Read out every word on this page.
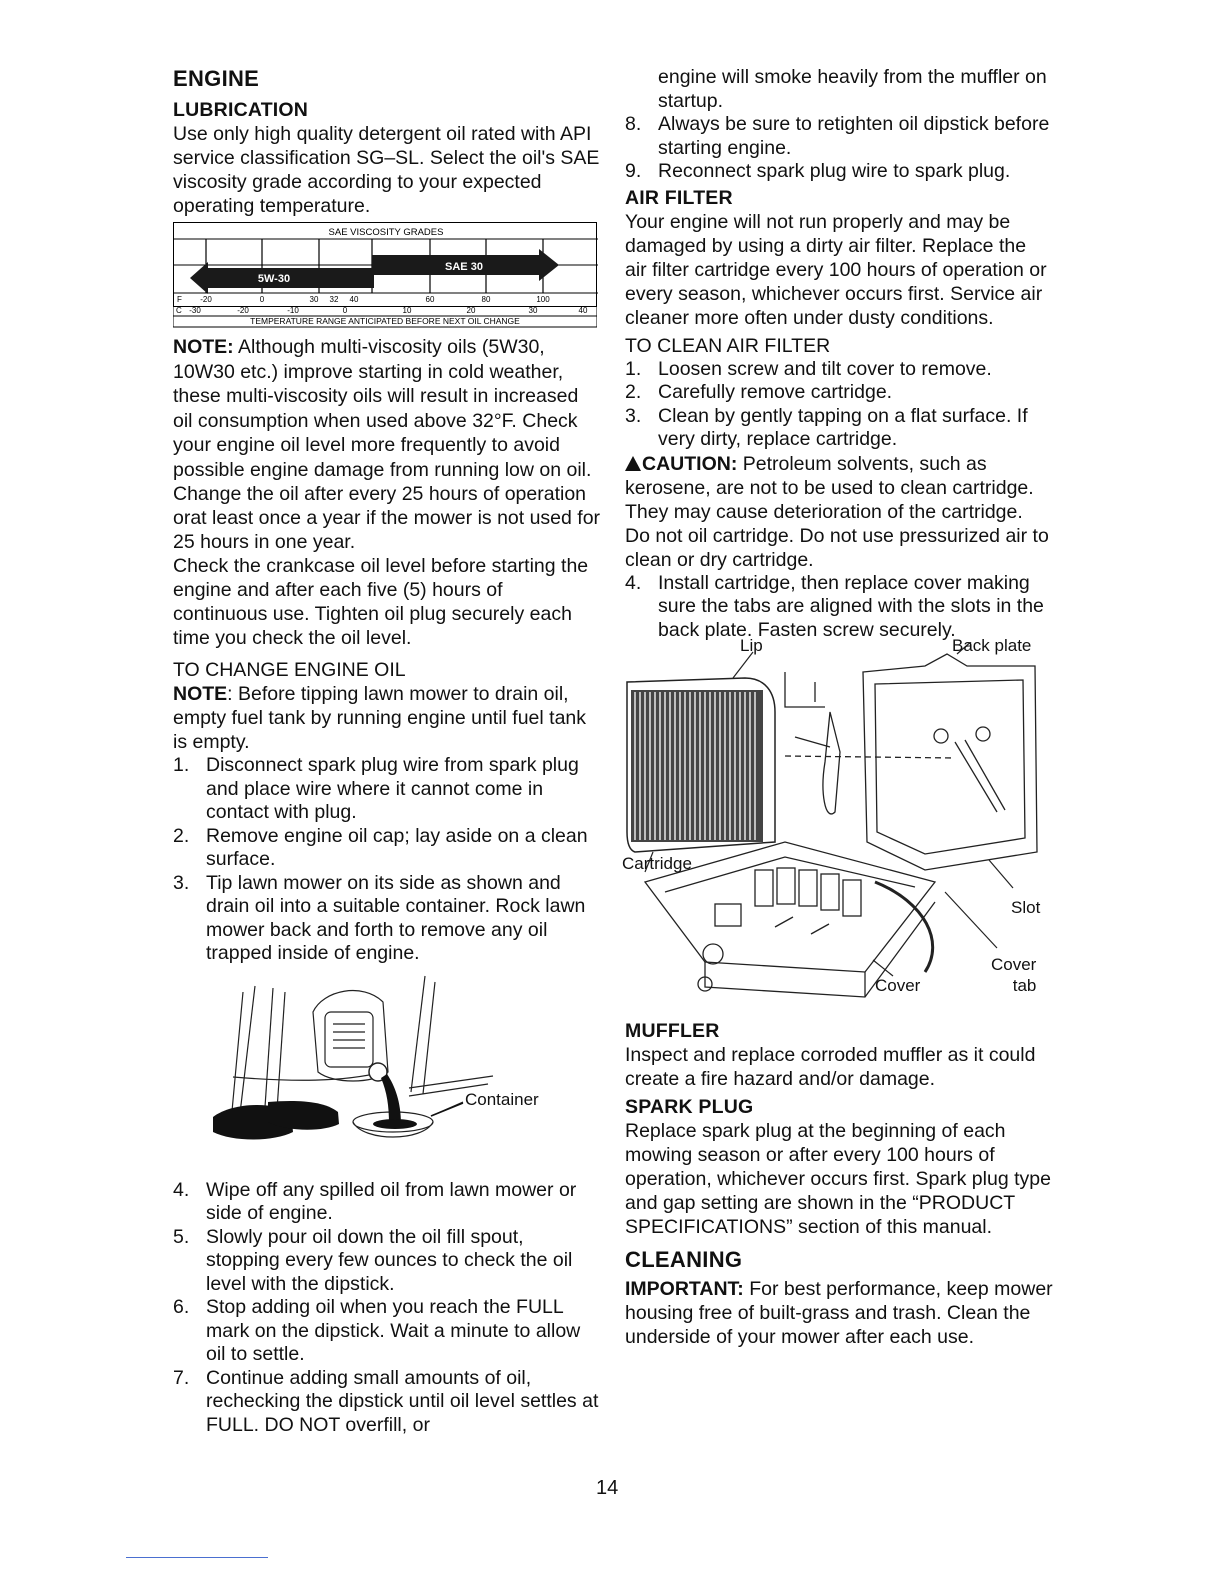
ENGINE
LUBRICATION
Use only high quality detergent oil rated with API service classification SG–SL. Select the oil's SAE viscosity grade according to your expected operating temperature.
SAE VISCOSITY GRADES
SAE 30
5W-30
F -20	0	30 32 40	60	80	100
C -30	-20	-10	0	10	20	30	40
TEMPERATURE RANGE ANTICIPATED BEFORE NEXT OIL CHANGE
NOTE: Although multi-viscosity oils (5W30, 10W30 etc.) improve starting in cold weather, these multi-viscosity oils will result in increased oil consumption when used above 32°F. Check your engine oil level more frequently to avoid possible engine damage from running low on oil.
Change the oil after every 25 hours of operation orat least once a year if the mower is not used for 25 hours in one year.
Check the crankcase oil level before starting the engine and after each five (5) hours of continuous use. Tighten oil plug securely each time you check the oil level.
TO CHANGE ENGINE OIL
NOTE: Before tipping lawn mower to drain oil, empty fuel tank by running engine until fuel tank is empty.
1. Disconnect spark plug wire from spark plug and place wire where it cannot come in contact with plug.
2. Remove engine oil cap; lay aside on a clean surface.
3. Tip lawn mower on its side as shown and drain oil into a suitable container. Rock lawn mower back and forth to remove any oil trapped inside of engine.
Container
4. Wipe off any spilled oil from lawn mower or side of engine.
5. Slowly pour oil down the oil fill spout, stopping every few ounces to check the oil level with the dipstick.
6. Stop adding oil when you reach the FULL mark on the dipstick. Wait a minute to allow oil to settle.
7. Continue adding small amounts of oil, rechecking the dipstick until oil level settles at FULL. DO NOT overfill, or
engine will smoke heavily from the muffler on startup.
8. Always be sure to retighten oil dipstick before starting engine.
9. Reconnect spark plug wire to spark plug.
AIR FILTER
Your engine will not run properly and may be damaged by using a dirty air filter. Replace the air filter cartridge every 100 hours of operation or every season, whichever occurs first. Service air cleaner more often under dusty conditions.
TO CLEAN AIR FILTER
1. Loosen screw and tilt cover to remove.
2. Carefully remove cartridge.
3. Clean by gently tapping on a flat surface. If very dirty, replace cartridge.
CAUTION: Petroleum solvents, such as kerosene, are not to be used to clean cartridge. They may cause deterioration of the cartridge. Do not oil cartridge. Do not use pressurized air to clean or dry cartridge.
4. Install cartridge, then replace cover making sure the tabs are aligned with the slots in the back plate. Fasten screw securely.
Lip	Back plate
Cartridge
Slot
Cover
Cover
tab
MUFFLER
Inspect and replace corroded muffler as it could create a fire hazard and/or damage.
SPARK PLUG
Replace spark plug at the beginning of each mowing season or after every 100 hours of operation, whichever occurs first. Spark plug type and gap setting are shown in the “PRODUCT SPECIFICATIONS” section of this manual.
CLEANING
IMPORTANT: For best performance, keep mower housing free of built-grass and trash. Clean the underside of your mower after each use.
14
